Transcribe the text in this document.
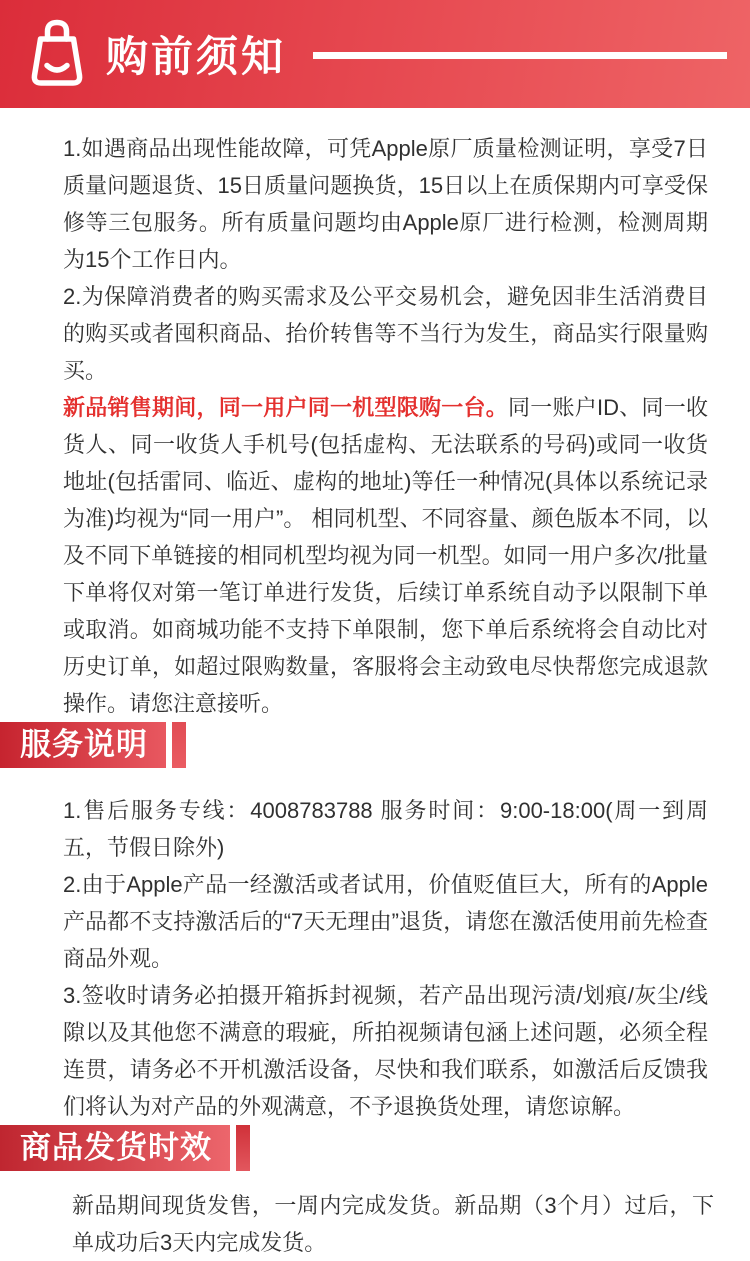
购前须知

1.如遇商品出现性能故障，可凭Apple原厂质量检测证明，享受7日质量问题退货、15日质量问题换货，15日以上在质保期内可享受保修等三包服务。所有质量问题均由Apple原厂进行检测，检测周期为15个工作日内。

2.为保障消费者的购买需求及公平交易机会，避免因非生活消费目的购买或者囤积商品、抬价转售等不当行为发生，商品实行限量购买。

新品销售期间，同一用户同一机型限购一台。同一账户ID、同一收货人、同一收货人手机号(包括虚构、无法联系的号码)或同一收货地址(包括雷同、临近、虚构的地址)等任一种情况(具体以系统记录为准)均视为“同一用户”。 相同机型、不同容量、颜色版本不同，以及不同下单链接的相同机型均视为同一机型。如同一用户多次/批量下单将仅对第一笔订单进行发货，后续订单系统自动予以限制下单或取消。如商城功能不支持下单限制，您下单后系统将会自动比对历史订单，如超过限购数量，客服将会主动致电尽快帮您完成退款操作。请您注意接听。

服务说明

1.售后服务专线：4008783788 服务时间：9:00-18:00(周一到周五，节假日除外)

2.由于Apple产品一经激活或者试用，价值贬值巨大，所有的Apple产品都不支持激活后的“7天无理由”退货，请您在激活使用前先检查商品外观。

3.签收时请务必拍摄开箱拆封视频，若产品出现污渍/划痕/灰尘/线隙以及其他您不满意的瑕疵，所拍视频请包涵上述问题，必须全程连贯，请务必不开机激活设备，尽快和我们联系，如激活后反馈我们将认为对产品的外观满意，不予退换货处理，请您谅解。

商品发货时效

新品期间现货发售，一周内完成发货。新品期（3个月）过后，下单成功后3天内完成发货。
